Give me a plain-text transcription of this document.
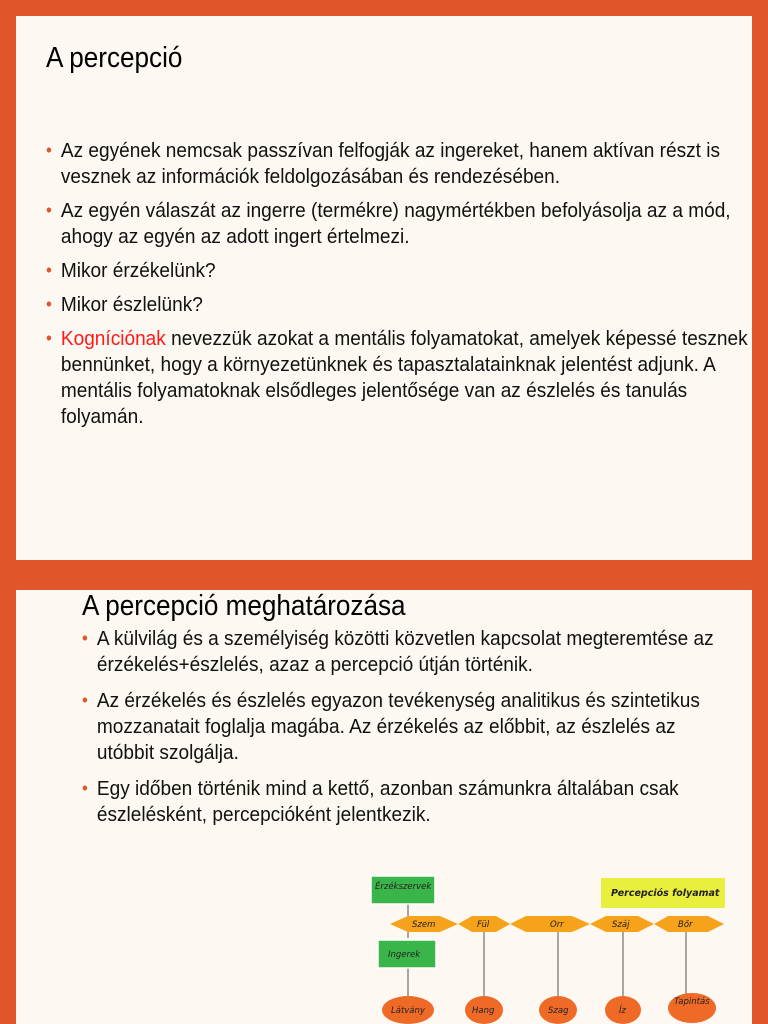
A percepció
• Az egyének nemcsak passzívan felfogják az ingereket, hanem aktívan részt is vesznek az információk feldolgozásában és rendezésében.
• Az egyén válaszát az ingerre (termékre) nagymértékben befolyásolja az a mód, ahogy az egyén az adott ingert értelmezi.
• Mikor érzékelünk?
• Mikor észlelünk?
• Kogníciónak nevezzük azokat a mentális folyamatokat, amelyek képessé tesznek bennünket, hogy a környezetünknek és tapasztalatainknak jelentést adjunk. A mentális folyamatoknak elsődleges jelentősége van az észlelés és tanulás folyamán.
A percepció meghatározása
• A külvilág és a személyiség közötti közvetlen kapcsolat megteremtése az érzékelés+észlelés, azaz a percepció útján történik.
• Az érzékelés és észlelés egyazon tevékenység analitikus és szintetikus mozzanatait foglalja magába. Az érzékelés az előbbit, az észlelés az utóbbit szolgálja.
• Egy időben történik mind a kettő, azonban számunkra általában csak észlelésként, percepcióként jelentkezik.
Érzékszervek
Percepciós folyamat
Szem	Fül	Orr	Száj	Bőr
Ingerek
Látvány	Hang	Szag	Íz
Tapintás
